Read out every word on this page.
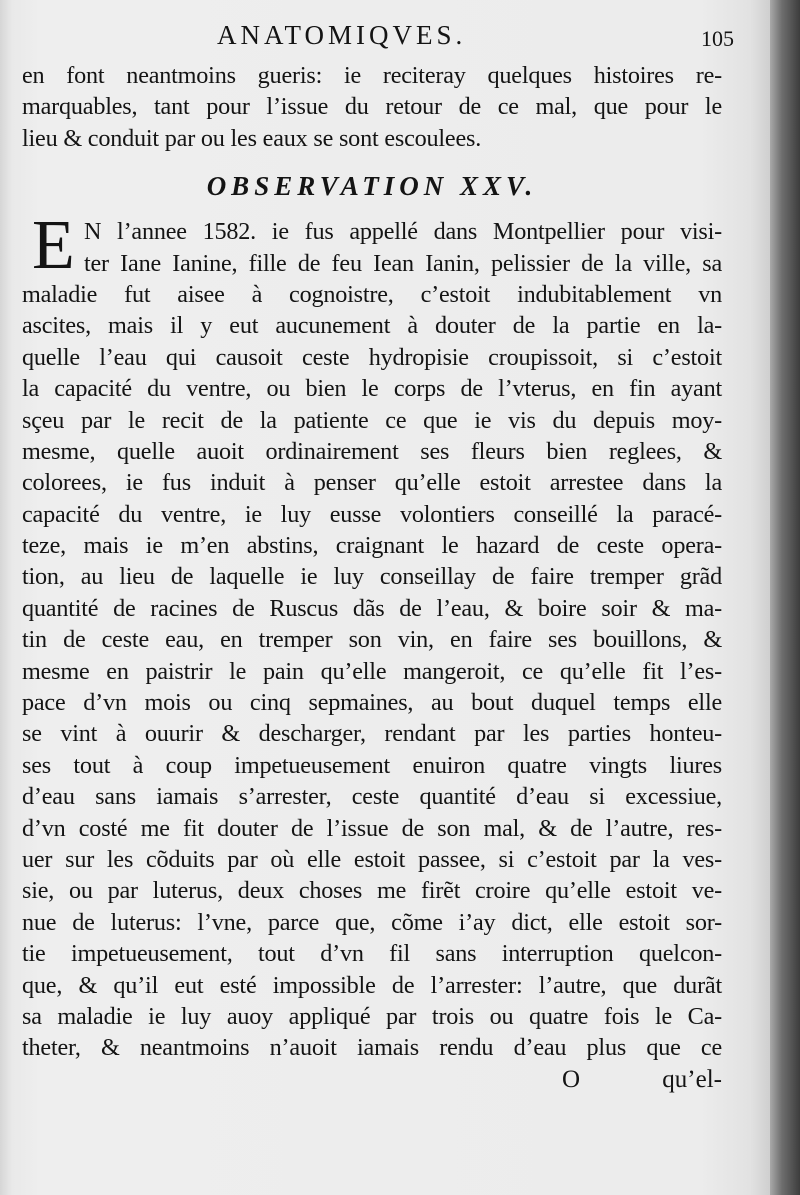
ANATOMIQVES.	105
en font neantmoins gueris: ie reciteray quelques histoires re-
marquables, tant pour l’issue du retour de ce mal, que pour le
lieu & conduit par ou les eaux se sont escoulees.
OBSERVATION XXV.
E N l’annee 1582. ie fus appellé dans Montpellier pour visi-
ter Iane Ianine, fille de feu Iean Ianin, pelissier de la ville, sa
maladie fut aisee à cognoistre, c’estoit indubitablement vn
ascites, mais il y eut aucunement à douter de la partie en la-
quelle l’eau qui causoit ceste hydropisie croupissoit, si c’estoit
la capacité du ventre, ou bien le corps de l’vterus, en fin ayant
sçeu par le recit de la patiente ce que ie vis du depuis moy-
mesme, quelle auoit ordinairement ses fleurs bien reglees, &
colorees, ie fus induit à penser qu’elle estoit arrestee dans la
capacité du ventre, ie luy eusse volontiers conseillé la paracé-
teze, mais ie m’en abstins, craignant le hazard de ceste opera-
tion, au lieu de laquelle ie luy conseillay de faire tremper grãd
quantité de racines de Ruscus dãs de l’eau, & boire soir & ma-
tin de ceste eau, en tremper son vin, en faire ses bouillons, &
mesme en paistrir le pain qu’elle mangeroit, ce qu’elle fit l’es-
pace d’vn mois ou cinq sepmaines, au bout duquel temps elle
se vint à ouurir & descharger, rendant par les parties honteu-
ses tout à coup impetueusement enuiron quatre vingts liures
d’eau sans iamais s’arrester, ceste quantité d’eau si excessiue,
d’vn costé me fit douter de l’issue de son mal, & de l’autre, res-
uer sur les cõduits par où elle estoit passee, si c’estoit par la ves-
sie, ou par luterus, deux choses me firẽt croire qu’elle estoit ve-
nue de luterus: l’vne, parce que, cõme i’ay dict, elle estoit sor-
tie impetueusement, tout d’vn fil sans interruption quelcon-
que, & qu’il eut esté impossible de l’arrester: l’autre, que durãt
sa maladie ie luy auoy appliqué par trois ou quatre fois le Ca-
theter, & neantmoins n’auoit iamais rendu d’eau plus que ce
O	qu’el-
